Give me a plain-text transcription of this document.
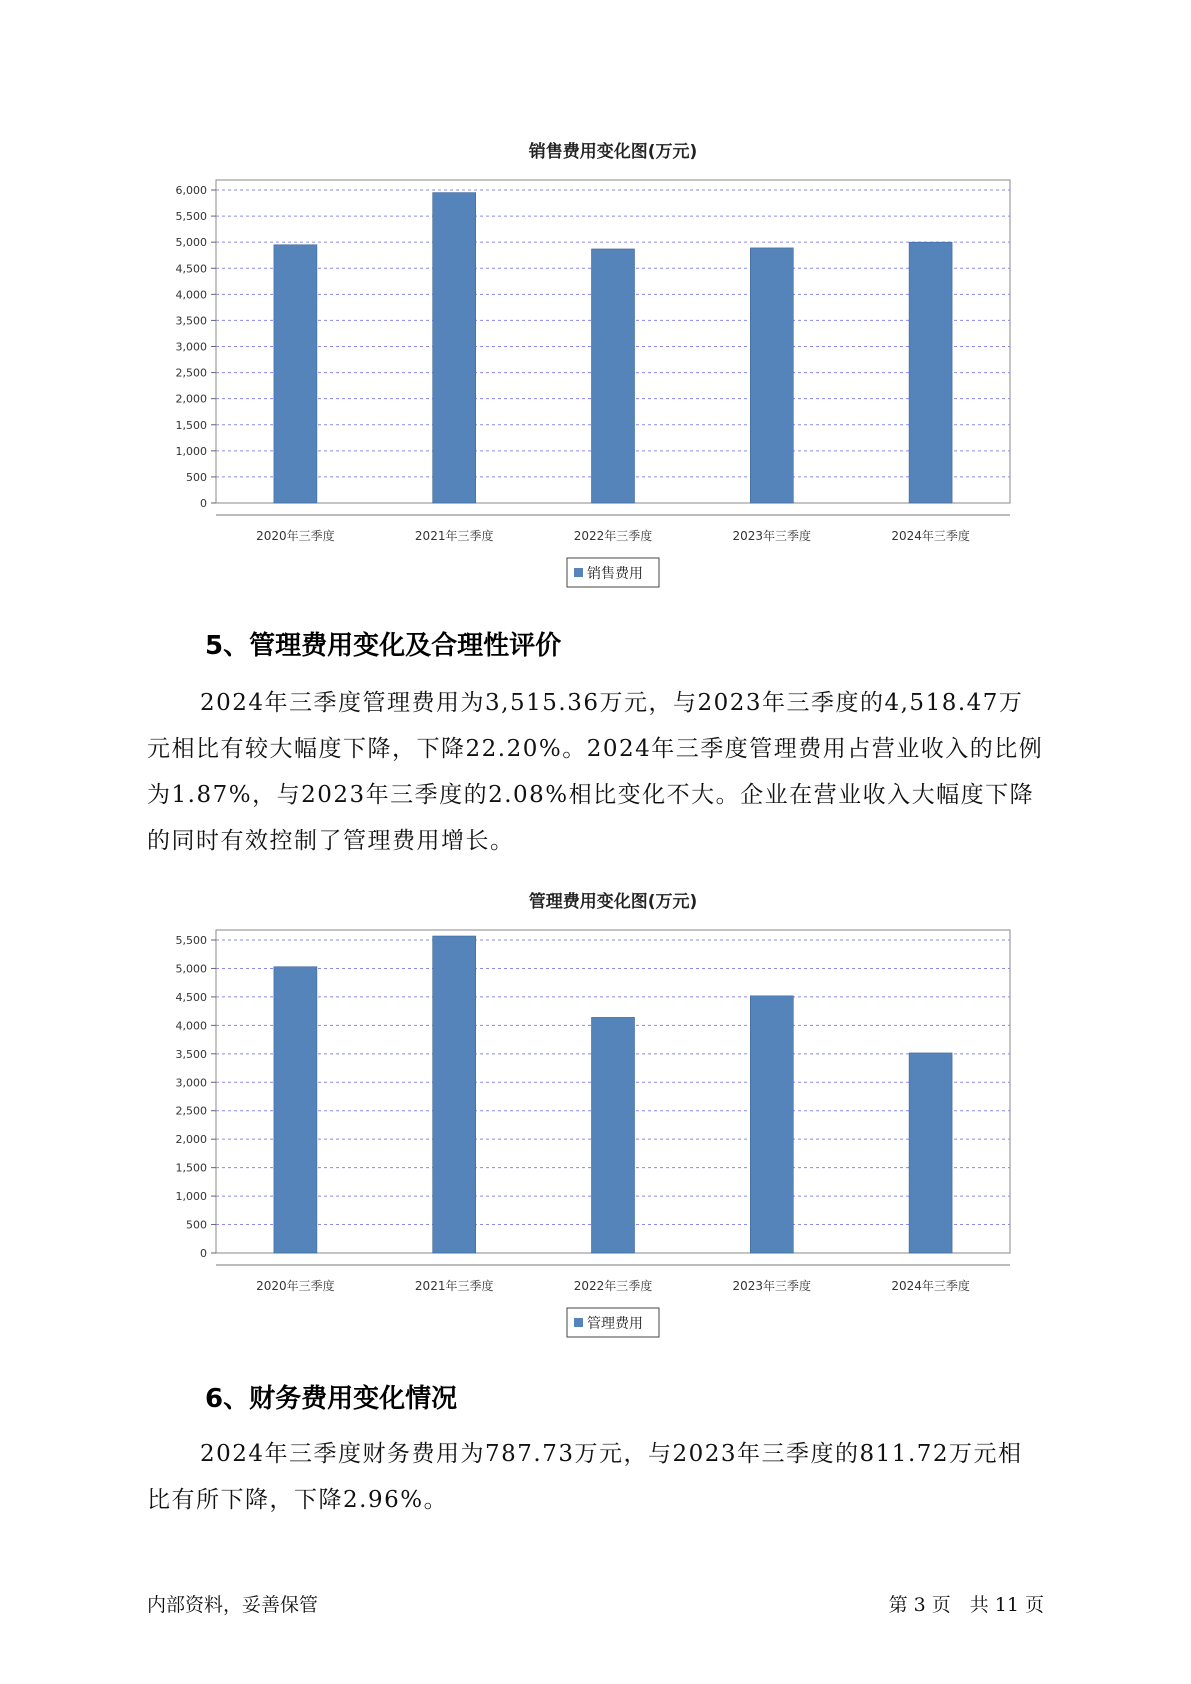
销售费用变化图(万元)
0
500
1,000
1,500
2,000
2,500
3,000
3,500
4,000
4,500
5,000
5,500
6,000
2020年三季度	2021年三季度	2022年三季度	2023年三季度	2024年三季度
销售费用
5、管理费用变化及合理性评价

2024年三季度管理费用为3,515.36万元，与2023年三季度的4,518.47万元相比有较大幅度下降，下降22.20%。2024年三季度管理费用占营业收入的比例为1.87%，与2023年三季度的2.08%相比变化不大。企业在营业收入大幅度下降的同时有效控制了管理费用增长。

管理费用变化图(万元)
0
500
1,000
1,500
2,000
2,500
3,000
3,500
4,000
4,500
5,000
5,500
2020年三季度	2021年三季度	2022年三季度	2023年三季度	2024年三季度
管理费用
6、财务费用变化情况

2024年三季度财务费用为787.73万元，与2023年三季度的811.72万元相比有所下降，下降2.96%。

内部资料，妥善保管	第 3 页　共 11 页
